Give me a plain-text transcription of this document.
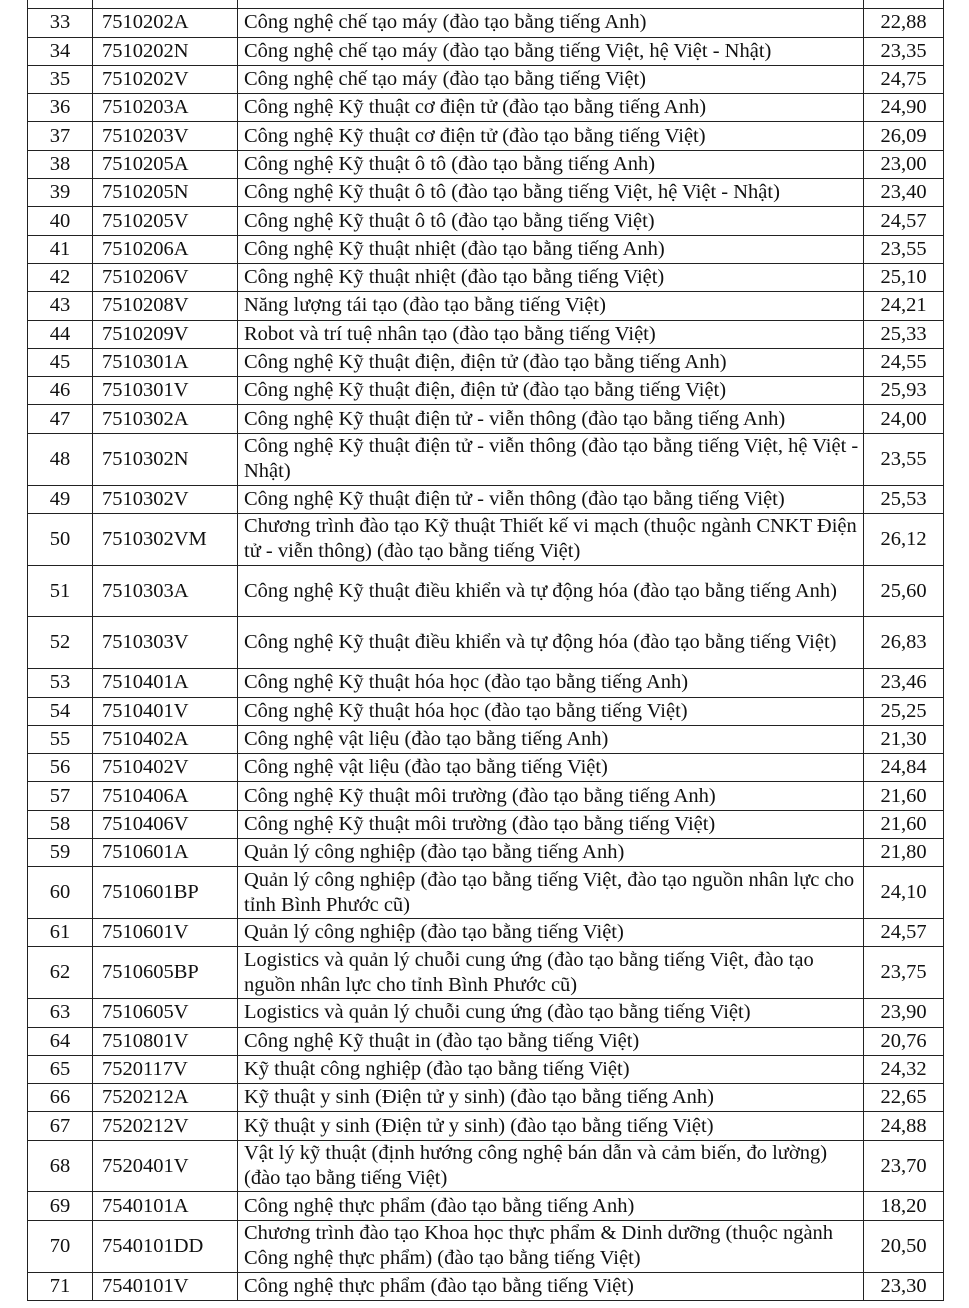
33	7510202A	Công nghệ chế tạo máy (đào tạo bằng tiếng Anh)	22,88
34	7510202N	Công nghệ chế tạo máy (đào tạo bằng tiếng Việt, hệ Việt - Nhật)	23,35
35	7510202V	Công nghệ chế tạo máy (đào tạo bằng tiếng Việt)	24,75
36	7510203A	Công nghệ Kỹ thuật cơ điện tử (đào tạo bằng tiếng Anh)	24,90
37	7510203V	Công nghệ Kỹ thuật cơ điện tử (đào tạo bằng tiếng Việt)	26,09
38	7510205A	Công nghệ Kỹ thuật ô tô (đào tạo bằng tiếng Anh)	23,00
39	7510205N	Công nghệ Kỹ thuật ô tô (đào tạo bằng tiếng Việt, hệ Việt - Nhật)	23,40
40	7510205V	Công nghệ Kỹ thuật ô tô (đào tạo bằng tiếng Việt)	24,57
41	7510206A	Công nghệ Kỹ thuật nhiệt (đào tạo bằng tiếng Anh)	23,55
42	7510206V	Công nghệ Kỹ thuật nhiệt (đào tạo bằng tiếng Việt)	25,10
43	7510208V	Năng lượng tái tạo (đào tạo bằng tiếng Việt)	24,21
44	7510209V	Robot và trí tuệ nhân tạo (đào tạo bằng tiếng Việt)	25,33
45	7510301A	Công nghệ Kỹ thuật điện, điện tử (đào tạo bằng tiếng Anh)	24,55
46	7510301V	Công nghệ Kỹ thuật điện, điện tử (đào tạo bằng tiếng Việt)	25,93
47	7510302A	Công nghệ Kỹ thuật điện tử - viễn thông (đào tạo bằng tiếng Anh)	24,00
48	7510302N	Công nghệ Kỹ thuật điện tử - viễn thông (đào tạo bằng tiếng Việt, hệ Việt - Nhật)	23,55
49	7510302V	Công nghệ Kỹ thuật điện tử - viễn thông (đào tạo bằng tiếng Việt)	25,53
50	7510302VM	Chương trình đào tạo Kỹ thuật Thiết kế vi mạch (thuộc ngành CNKT Điện tử - viễn thông) (đào tạo bằng tiếng Việt)	26,12
51	7510303A	Công nghệ Kỹ thuật điều khiển và tự động hóa (đào tạo bằng tiếng Anh)	25,60
52	7510303V	Công nghệ Kỹ thuật điều khiển và tự động hóa (đào tạo bằng tiếng Việt)	26,83
53	7510401A	Công nghệ Kỹ thuật hóa học (đào tạo bằng tiếng Anh)	23,46
54	7510401V	Công nghệ Kỹ thuật hóa học (đào tạo bằng tiếng Việt)	25,25
55	7510402A	Công nghệ vật liệu (đào tạo bằng tiếng Anh)	21,30
56	7510402V	Công nghệ vật liệu (đào tạo bằng tiếng Việt)	24,84
57	7510406A	Công nghệ Kỹ thuật môi trường (đào tạo bằng tiếng Anh)	21,60
58	7510406V	Công nghệ Kỹ thuật môi trường (đào tạo bằng tiếng Việt)	21,60
59	7510601A	Quản lý công nghiệp (đào tạo bằng tiếng Anh)	21,80
60	7510601BP	Quản lý công nghiệp (đào tạo bằng tiếng Việt, đào tạo nguồn nhân lực cho tỉnh Bình Phước cũ)	24,10
61	7510601V	Quản lý công nghiệp (đào tạo bằng tiếng Việt)	24,57
62	7510605BP	Logistics và quản lý chuỗi cung ứng (đào tạo bằng tiếng Việt, đào tạo nguồn nhân lực cho tỉnh Bình Phước cũ)	23,75
63	7510605V	Logistics và quản lý chuỗi cung ứng (đào tạo bằng tiếng Việt)	23,90
64	7510801V	Công nghệ Kỹ thuật in (đào tạo bằng tiếng Việt)	20,76
65	7520117V	Kỹ thuật công nghiệp (đào tạo bằng tiếng Việt)	24,32
66	7520212A	Kỹ thuật y sinh (Điện tử y sinh) (đào tạo bằng tiếng Anh)	22,65
67	7520212V	Kỹ thuật y sinh (Điện tử y sinh) (đào tạo bằng tiếng Việt)	24,88
68	7520401V	Vật lý kỹ thuật (định hướng công nghệ bán dẫn và cảm biến, đo lường) (đào tạo bằng tiếng Việt)	23,70
69	7540101A	Công nghệ thực phẩm (đào tạo bằng tiếng Anh)	18,20
70	7540101DD	Chương trình đào tạo Khoa học thực phẩm & Dinh dưỡng (thuộc ngành Công nghệ thực phẩm) (đào tạo bằng tiếng Việt)	20,50
71	7540101V	Công nghệ thực phẩm (đào tạo bằng tiếng Việt)	23,30
